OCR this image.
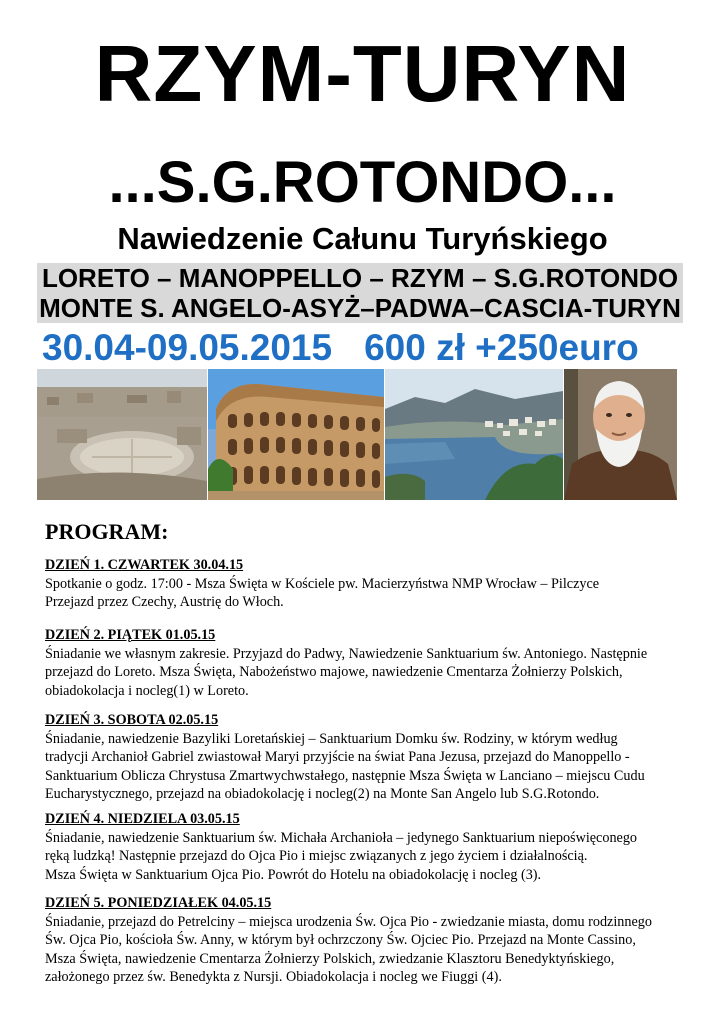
RZYM-TURYN
...S.G.ROTONDO...
Nawiedzenie Całunu Turyńskiego
LORETO – MANOPPELLO – RZYM – S.G.ROTONDO
MONTE S. ANGELO-ASYŻ–PADWA–CASCIA-TURYN
30.04-09.05.2015 600 zł +250euro
PROGRAM:

DZIEŃ 1. CZWARTEK 30.04.15

Spotkanie o godz. 17:00 - Msza Święta w Kościele pw. Macierzyństwa NMP Wrocław – Pilczyce

Przejazd przez Czechy, Austrię do Włoch.

DZIEŃ 2. PIĄTEK 01.05.15

Śniadanie we własnym zakresie. Przyjazd do Padwy, Nawiedzenie Sanktuarium św. Antoniego. Następnie

przejazd do Loreto. Msza Święta, Nabożeństwo majowe, nawiedzenie Cmentarza Żołnierzy Polskich,

obiadokolacja i nocleg(1) w Loreto.

DZIEŃ 3. SOBOTA 02.05.15

Śniadanie, nawiedzenie Bazyliki Loretańskiej – Sanktuarium Domku św. Rodziny, w którym według

tradycji Archanioł Gabriel zwiastował Maryi przyjście na świat Pana Jezusa, przejazd do Manoppello -

Sanktuarium Oblicza Chrystusa Zmartwychwstałego, następnie Msza Święta w Lanciano – miejscu Cudu

Eucharystycznego, przejazd na obiadokolację i nocleg(2) na Monte San Angelo lub S.G.Rotondo.

DZIEŃ 4. NIEDZIELA 03.05.15

Śniadanie, nawiedzenie Sanktuarium św. Michała Archanioła – jedynego Sanktuarium niepoświęconego

ręką ludzką! Następnie przejazd do Ojca Pio i miejsc związanych z jego życiem i działalnością.

Msza Święta w Sanktuarium Ojca Pio. Powrót do Hotelu na obiadokolację i nocleg (3).

DZIEŃ 5. PONIEDZIAŁEK 04.05.15

Śniadanie, przejazd do Petrelciny – miejsca urodzenia Św. Ojca Pio - zwiedzanie miasta, domu rodzinnego

Św. Ojca Pio, kościoła Św. Anny, w którym był ochrzczony Św. Ojciec Pio. Przejazd na Monte Cassino,

Msza Święta, nawiedzenie Cmentarza Żołnierzy Polskich, zwiedzanie Klasztoru Benedyktyńskiego,

założonego przez św. Benedykta z Nursji. Obiadokolacja i nocleg we Fiuggi (4).
